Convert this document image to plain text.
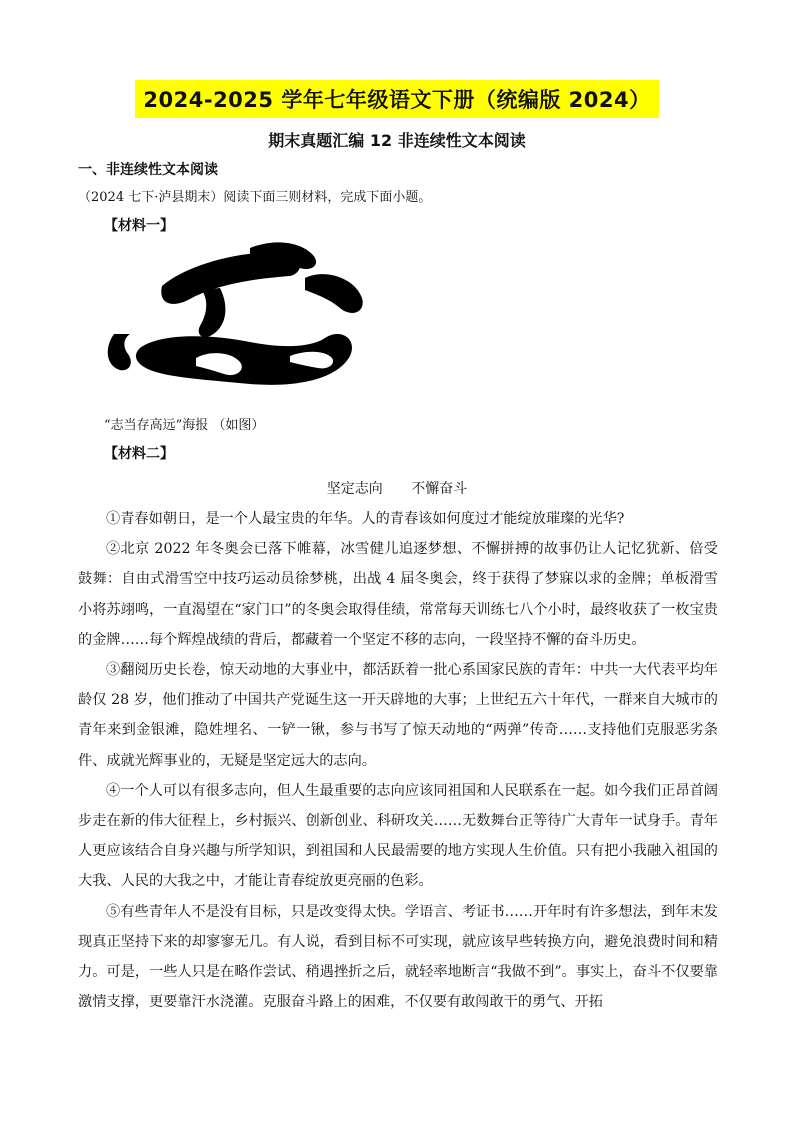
2024-2025 学年七年级语文下册（统编版 2024）
期末真题汇编 12 非连续性文本阅读
一、非连续性文本阅读
（2024 七下·泸县期末）阅读下面三则材料，完成下面小题。
【材料一】
“志当存高远”海报 （如图）
【材料二】
坚定志向 不懈奋斗

①青春如朝日，是一个人最宝贵的年华。人的青春该如何度过才能绽放璀璨的光华?

②北京 2022 年冬奥会已落下帷幕，冰雪健儿追逐梦想、不懈拼搏的故事仍让人记忆犹新、倍受鼓舞：自由式滑雪空中技巧运动员徐梦桃，出战 4 届冬奥会，终于获得了梦寐以求的金牌；单板滑雪小将苏翊鸣，一直渴望在“家门口”的冬奥会取得佳绩，常常每天训练七八个小时，最终收获了一枚宝贵的金牌……每个辉煌战绩的背后，都藏着一个坚定不移的志向，一段坚持不懈的奋斗历史。

③翻阅历史长卷，惊天动地的大事业中，都活跃着一批心系国家民族的青年：中共一大代表平均年龄仅 28 岁，他们推动了中国共产党诞生这一开天辟地的大事；上世纪五六十年代，一群来自大城市的青年来到金银滩，隐姓埋名、一铲一锹，参与书写了惊天动地的“两弹”传奇……支持他们克服恶劣条件、成就光辉事业的，无疑是坚定远大的志向。

④一个人可以有很多志向，但人生最重要的志向应该同祖国和人民联系在一起。如今我们正昂首阔步走在新的伟大征程上，乡村振兴、创新创业、科研攻关……无数舞台正等待广大青年一试身手。青年人更应该结合自身兴趣与所学知识，到祖国和人民最需要的地方实现人生价值。只有把小我融入祖国的大我、人民的大我之中，才能让青春绽放更亮丽的色彩。

⑤有些青年人不是没有目标，只是改变得太快。学语言、考证书……开年时有许多想法，到年末发现真正坚持下来的却寥寥无几。有人说，看到目标不可实现，就应该早些转换方向，避免浪费时间和精力。可是，一些人只是在略作尝试、稍遇挫折之后，就轻率地断言“我做不到”。事实上，奋斗不仅要靠激情支撑，更要靠汗水浇灌。克服奋斗路上的困难，不仅要有敢闯敢干的勇气、开拓
